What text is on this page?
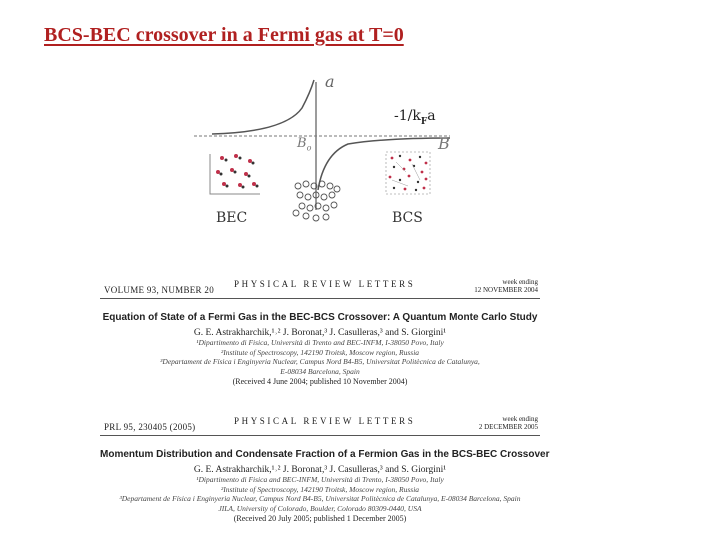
BCS-BEC crossover in a Fermi gas at T=0
a
$-1/k_Fa$
$B_o$	B
BEC	BCS
VOLUME 93, NUMBER 20
PHYSICAL REVIEW LETTERS	week ending
12 NOVEMBER 2004
Equation of State of a Fermi Gas in the BEC-BCS Crossover: A Quantum Monte Carlo Study
G. E. Astrakharchik,¹˒² J. Boronat,³ J. Casulleras,³ and S. Giorgini¹
¹Dipartimento di Fisica, Università di Trento and BEC-INFM, I-38050 Povo, Italy
²Institute of Spectroscopy, 142190 Troitsk, Moscow region, Russia
³Departament de Física i Enginyeria Nuclear, Campus Nord B4-B5, Universitat Politècnica de Catalunya,
E-08034 Barcelona, Spain
(Received 4 June 2004; published 10 November 2004)
PRL 95, 230405 (2005)
PHYSICAL REVIEW LETTERS	week ending
2 DECEMBER 2005
Momentum Distribution and Condensate Fraction of a Fermion Gas in the BCS-BEC Crossover
G. E. Astrakharchik,¹˒² J. Boronat,³ J. Casulleras,³ and S. Giorgini¹
¹Dipartimento di Fisica and BEC-INFM, Università di Trento, I-38050 Povo, Italy
²Institute of Spectroscopy, 142190 Troitsk, Moscow region, Russia
³Departament de Física i Enginyeria Nuclear, Campus Nord B4-B5, Universitat Politècnica de Catalunya, E-08034 Barcelona, Spain
JILA, University of Colorado, Boulder, Colorado 80309-0440, USA
(Received 20 July 2005; published 1 December 2005)
